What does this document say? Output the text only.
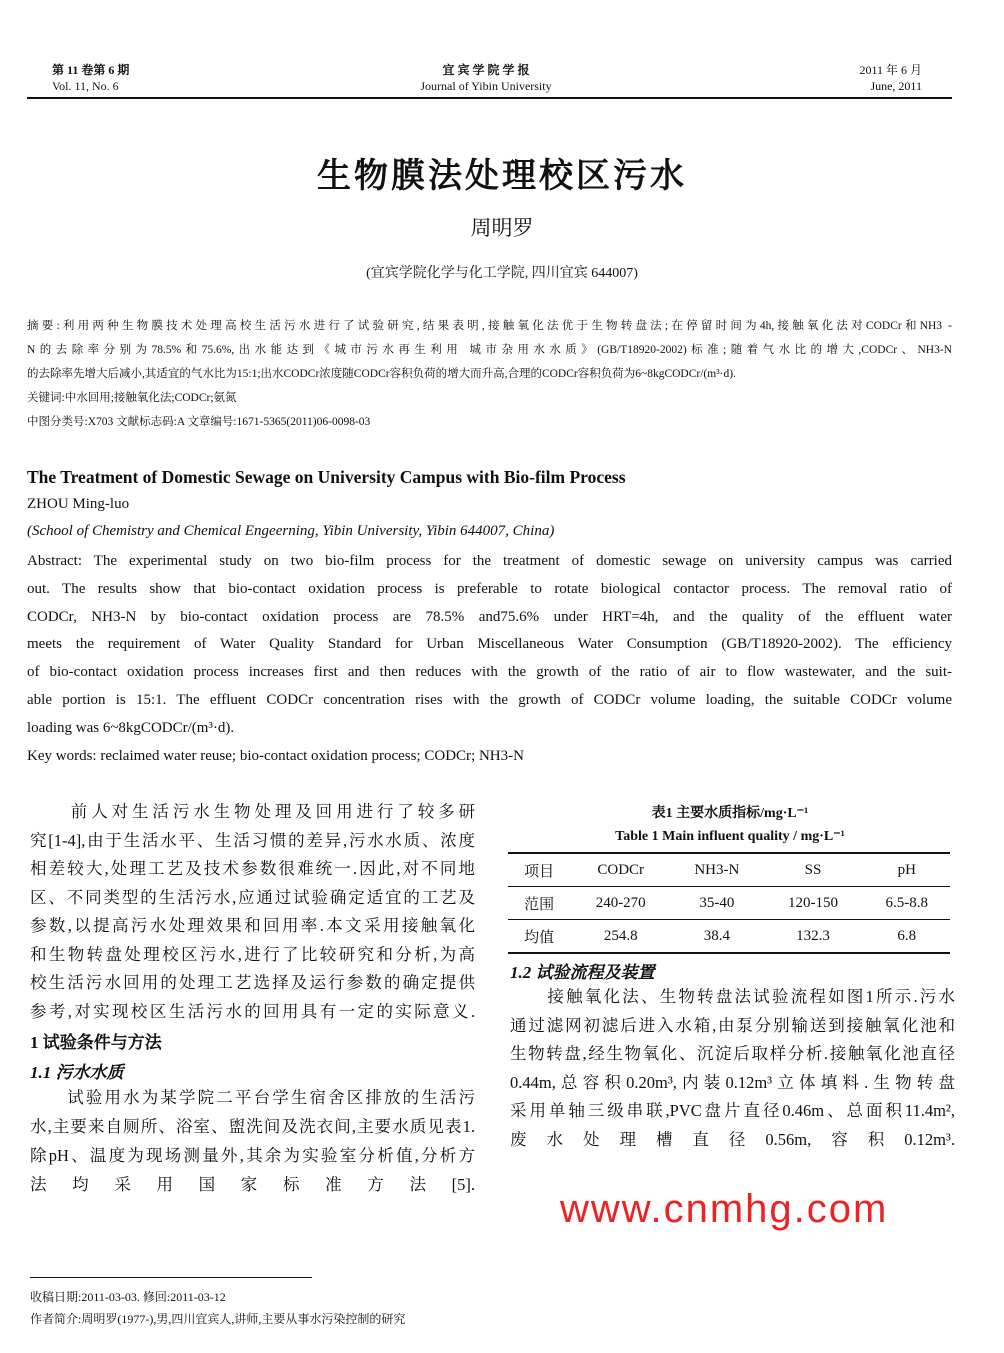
第 11 卷第 6 期
Vol. 11, No. 6
宜 宾 学 院 学 报
Journal of Yibin University
2011 年 6 月
June, 2011
生物膜法处理校区污水
周明罗
(宜宾学院化学与化工学院, 四川宜宾 644007)
摘要:利用两种生物膜技术处理高校生活污水进行了试验研究,结果表明,接触氧化法优于生物转盘法;在停留时间为4h,接触氧化法对CODCr和NH3 -
N的去除率分别为78.5%和75.6%,出水能达到《城市污水再生利用 城市杂用水水质》(GB/T18920-2002)标准;随着气水比的增大,CODCr、NH3-N
的去除率先增大后减小,其适宜的气水比为15:1;出水CODCr浓度随CODCr容积负荷的增大而升高,合理的CODCr容积负荷为6~8kgCODCr/(m³·d).
关键词:中水回用;接触氧化法;CODCr;氨氮
中图分类号:X703 文献标志码:A 文章编号:1671-5365(2011)06-0098-03
The Treatment of Domestic Sewage on University Campus with Bio-film Process
ZHOU Ming-luo
(School of Chemistry and Chemical Engeerning, Yibin University, Yibin 644007, China)
Abstract: The experimental study on two bio-film process for the treatment of domestic sewage on university campus was carried
out. The results show that bio-contact oxidation process is preferable to rotate biological contactor process. The removal ratio of
CODCr, NH3-N by bio-contact oxidation process are 78.5% and75.6% under HRT=4h, and the quality of the effluent water
meets the requirement of Water Quality Standard for Urban Miscellaneous Water Consumption (GB/T18920-2002). The efficiency
of bio-contact oxidation process increases first and then reduces with the growth of the ratio of air to flow wastewater, and the suit-
able portion is 15:1. The effluent CODCr concentration rises with the growth of CODCr volume loading, the suitable CODCr volume
loading was 6~8kgCODCr/(m³·d).
Key words: reclaimed water reuse; bio-contact oxidation process; CODCr; NH3-N
　　前人对生活污水生物处理及回用进行了较多研
究[1-4],由于生活水平、生活习惯的差异,污水水质、浓度
相差较大,处理工艺及技术参数很难统一.因此,对不同地
区、不同类型的生活污水,应通过试验确定适宜的工艺及
参数,以提高污水处理效果和回用率.本文采用接触氧化
和生物转盘处理校区污水,进行了比较研究和分析,为高
校生活污水回用的处理工艺选择及运行参数的确定提供
参考,对实现校区生活污水的回用具有一定的实际意义.
1 试验条件与方法
1.1 污水水质
　　试验用水为某学院二平台学生宿舍区排放的生活污
水,主要来自厕所、浴室、盥洗间及洗衣间,主要水质见表1.
除pH、温度为现场测量外,其余为实验室分析值,分析方
法均采用国家标准方法[5].
表1 主要水质指标/mg·L⁻¹
Table 1 Main influent quality / mg·L⁻¹
项目	CODCr	NH3-N	SS	pH
范围	240-270	35-40	120-150	6.5-8.8
均值	254.8	38.4	132.3	6.8
1.2 试验流程及装置
　　接触氧化法、生物转盘法试验流程如图1所示.污水
通过滤网初滤后进入水箱,由泵分别输送到接触氧化池和
生物转盘,经生物氧化、沉淀后取样分析.接触氧化池直径
0.44m,总容积0.20m³,内装0.12m³立体填料.生物转盘
采用单轴三级串联,PVC盘片直径0.46m、总面积11.4m²,
废水处理槽直径0.56m,容积0.12m³.
www.cnmhg.com
收稿日期:2011-03-03. 修回:2011-03-12
作者简介:周明罗(1977-),男,四川宜宾人,讲师,主要从事水污染控制的研究
